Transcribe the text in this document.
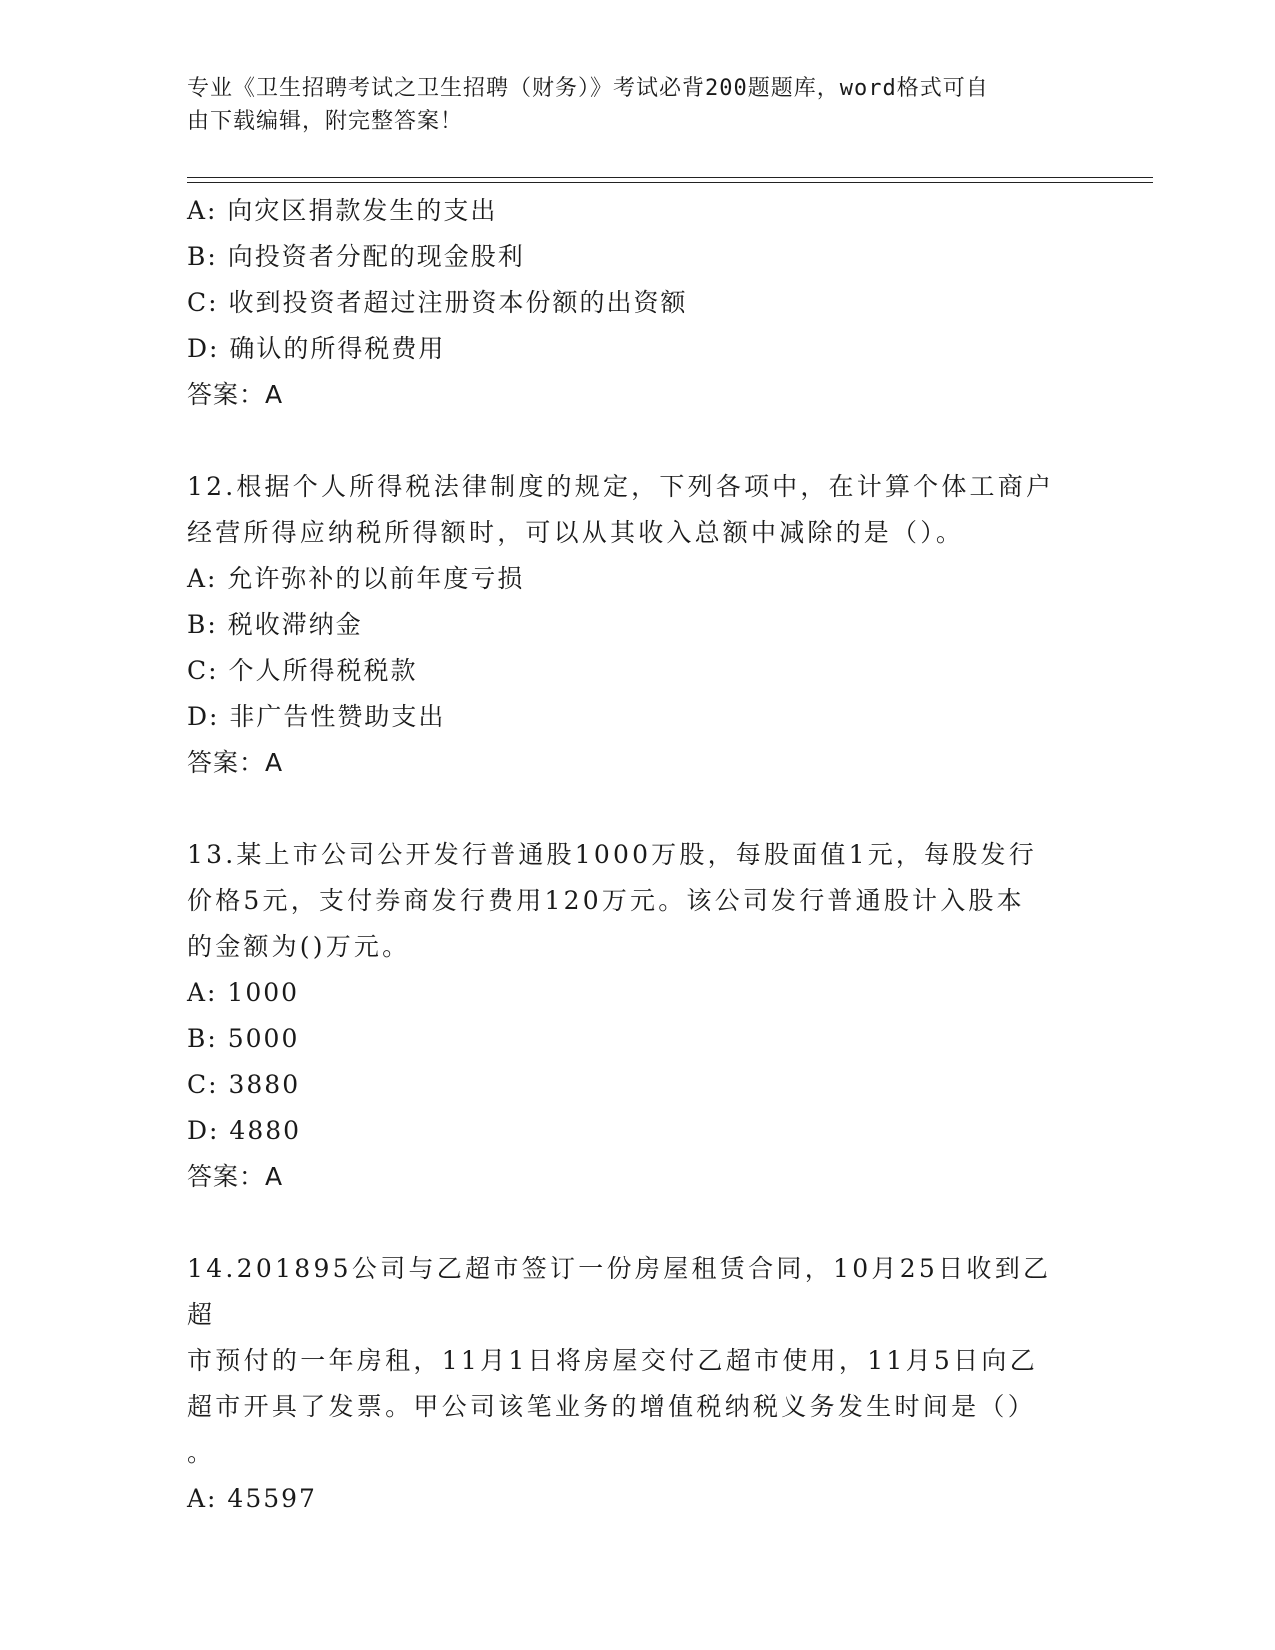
专业《卫生招聘考试之卫生招聘（财务）》考试必背200题题库，word格式可自
由下载编辑，附完整答案！
A: 向灾区捐款发生的支出
B: 向投资者分配的现金股利
C: 收到投资者超过注册资本份额的出资额
D: 确认的所得税费用
答案：A
12.根据个人所得税法律制度的规定，下列各项中，在计算个体工商户
经营所得应纳税所得额时，可以从其收入总额中减除的是（）。
A: 允许弥补的以前年度亏损
B: 税收滞纳金
C: 个人所得税税款
D: 非广告性赞助支出
答案：A
13.某上市公司公开发行普通股1000万股，每股面值1元，每股发行
价格5元，支付券商发行费用120万元。该公司发行普通股计入股本
的金额为()万元。
A: 1000
B: 5000
C: 3880
D: 4880
答案：A
14.201895公司与乙超市签订一份房屋租赁合同，10月25日收到乙超
市预付的一年房租，11月1日将房屋交付乙超市使用，11月5日向乙
超市开具了发票。甲公司该笔业务的增值税纳税义务发生时间是（）
。
A: 45597
